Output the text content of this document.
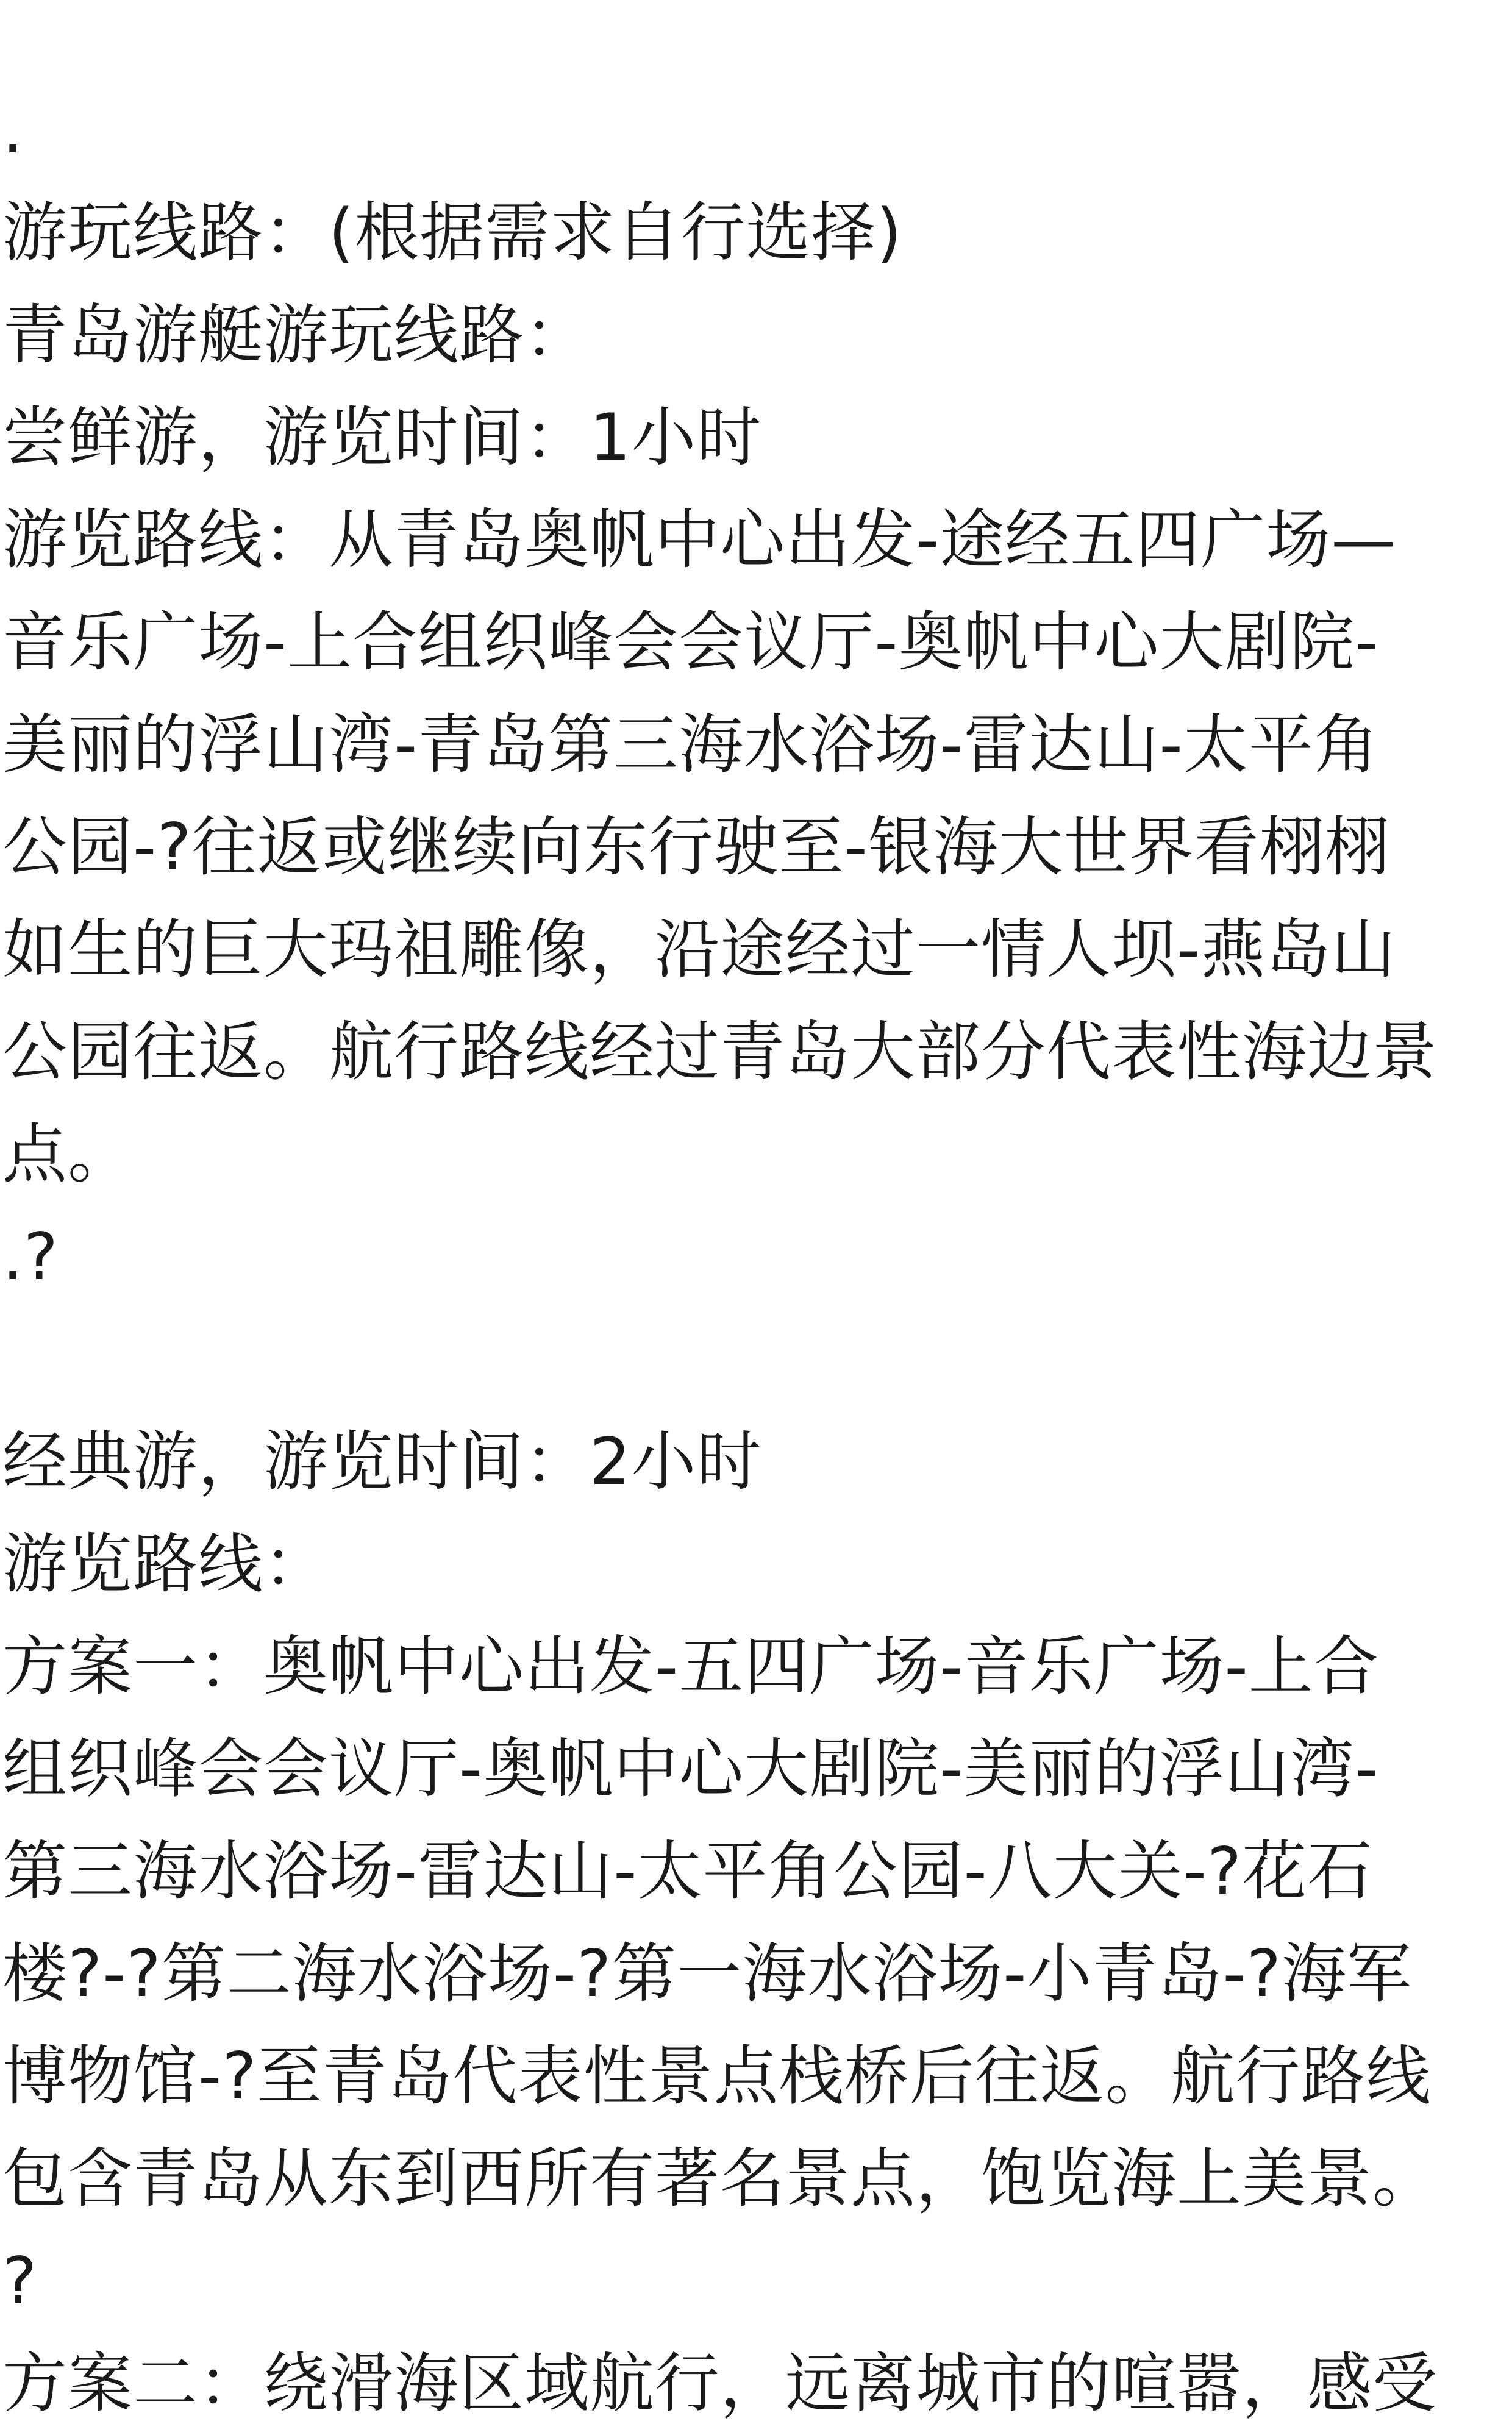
.
游玩线路：(根据需求自行选择)
青岛游艇游玩线路：
尝鲜游，游览时间：1小时
游览路线：从青岛奥帆中心出发-途经五四广场—
音乐广场-上合组织峰会会议厅-奥帆中心大剧院-
美丽的浮山湾-青岛第三海水浴场-雷达山-太平角
公园-?往返或继续向东行驶至-银海大世界看栩栩
如生的巨大玛祖雕像，沿途经过一情人坝-燕岛山
公园往返。航行路线经过青岛大部分代表性海边景
点。
.?
经典游，游览时间：2小时
游览路线：
方案一：奥帆中心出发-五四广场-音乐广场-上合
组织峰会会议厅-奥帆中心大剧院-美丽的浮山湾-
第三海水浴场-雷达山-太平角公园-八大关-?花石
楼?-?第二海水浴场-?第一海水浴场-小青岛-?海军
博物馆-?至青岛代表性景点栈桥后往返。航行路线
包含青岛从东到西所有著名景点，饱览海上美景。
?
方案二：绕滑海区域航行，远离城市的喧嚣，感受
